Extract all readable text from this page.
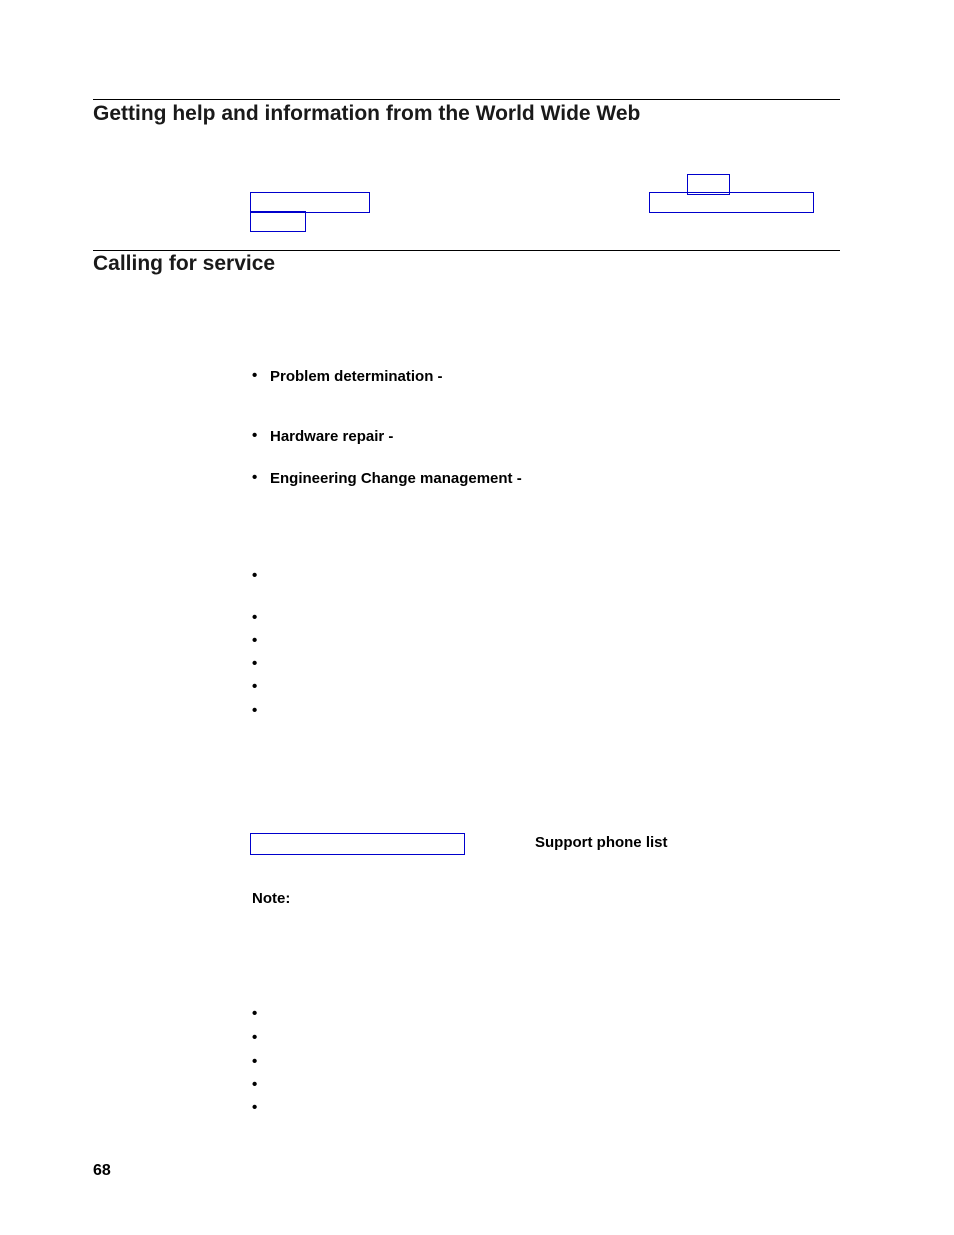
Getting help and information from the World Wide Web
Calling for service
• Problem determination -
• Hardware repair -
• Engineering Change management -
•
•
•
•
•
•
Support phone list
Note:
•
•
•
•
•
68
